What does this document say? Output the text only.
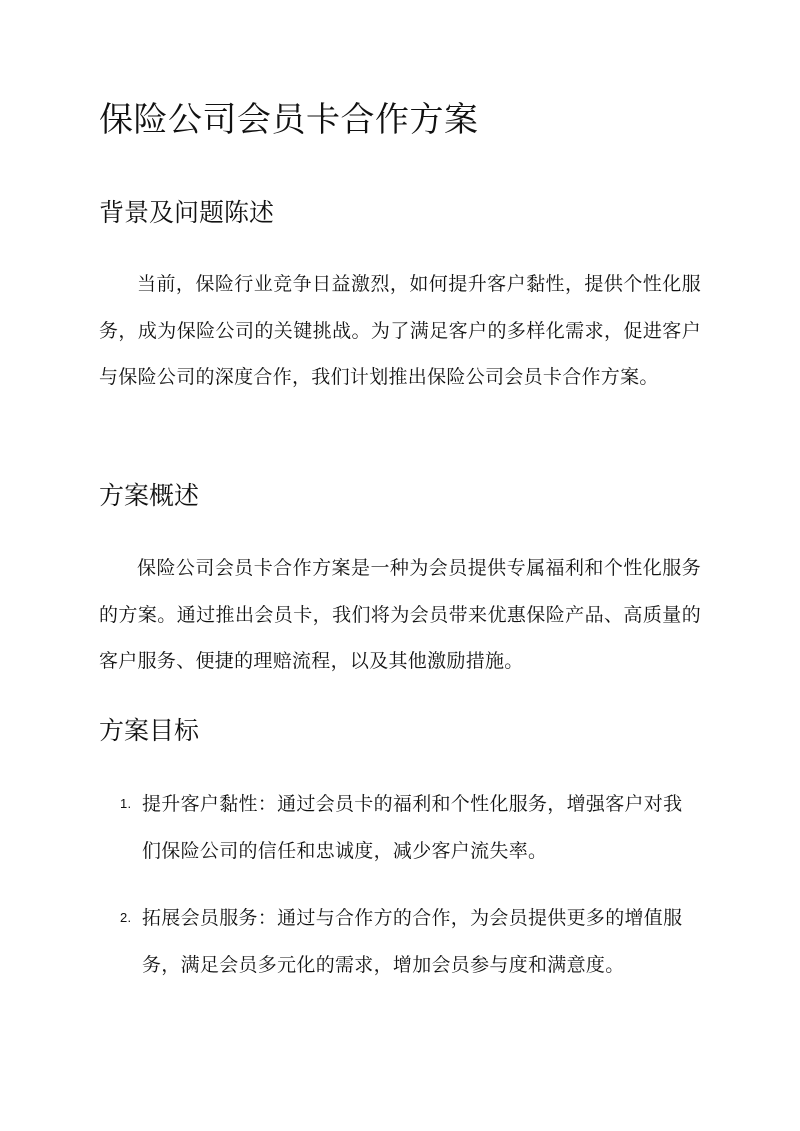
保险公司会员卡合作方案
背景及问题陈述

当前，保险行业竞争日益激烈，如何提升客户黏性，提供个性化服务，成为保险公司的关键挑战。为了满足客户的多样化需求，促进客户与保险公司的深度合作，我们计划推出保险公司会员卡合作方案。

方案概述

保险公司会员卡合作方案是一种为会员提供专属福利和个性化服务的方案。通过推出会员卡，我们将为会员带来优惠保险产品、高质量的客户服务、便捷的理赔流程，以及其他激励措施。

方案目标
1. 提升客户黏性：通过会员卡的福利和个性化服务，增强客户对我们保险公司的信任和忠诚度，减少客户流失率。
2. 拓展会员服务：通过与合作方的合作，为会员提供更多的增值服务，满足会员多元化的需求，增加会员参与度和满意度。
